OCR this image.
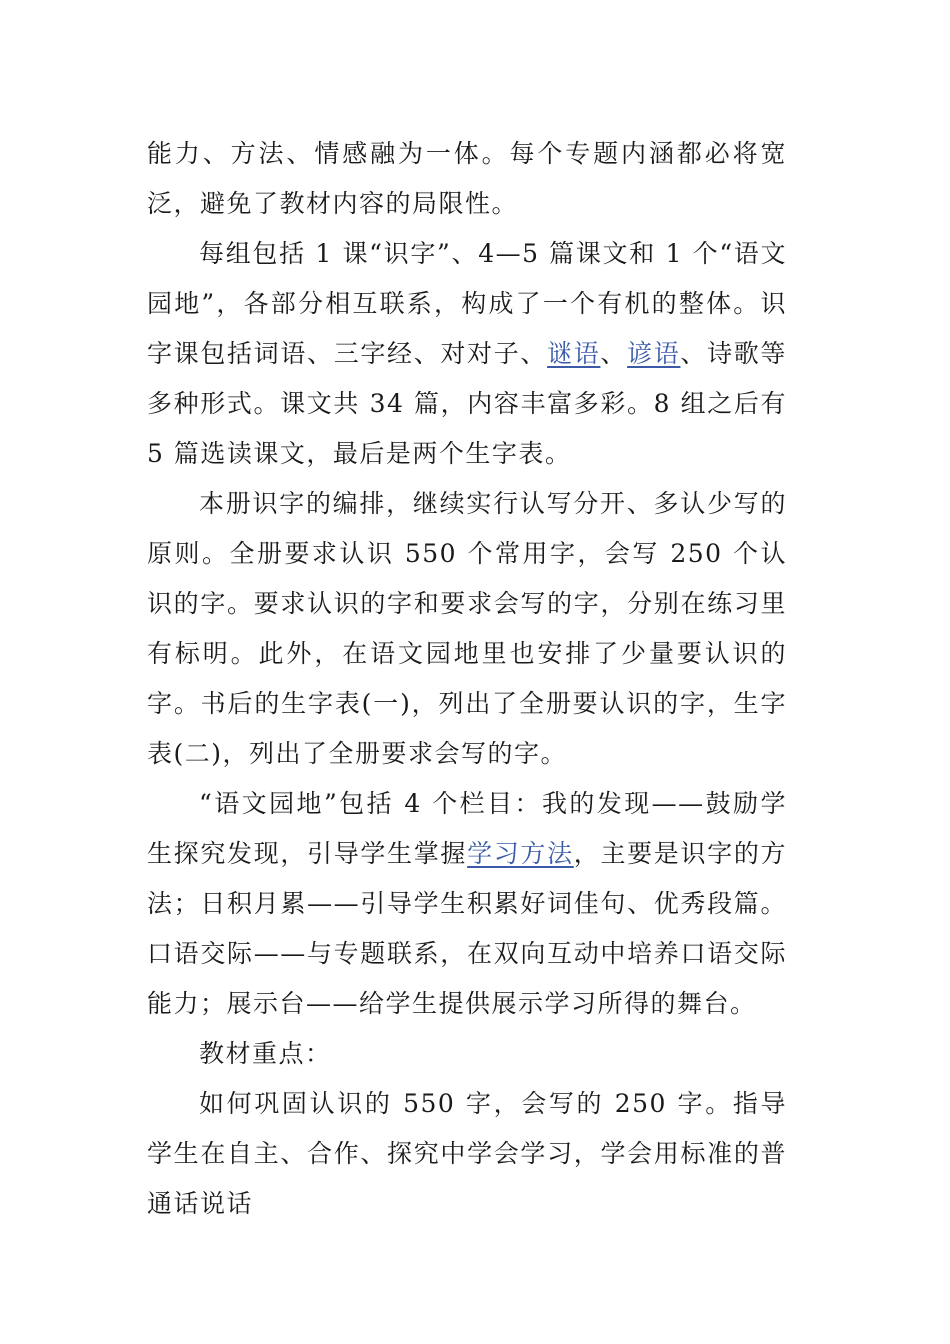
能力、方法、情感融为一体。每个专题内涵都必将宽泛，避免了教材内容的局限性。

每组包括 1 课“识字”、4—5 篇课文和 1 个“语文园地”，各部分相互联系，构成了一个有机的整体。识字课包括词语、三字经、对对子、谜语、谚语、诗歌等多种形式。课文共 34 篇，内容丰富多彩。8 组之后有 5 篇选读课文，最后是两个生字表。

本册识字的编排，继续实行认写分开、多认少写的原则。全册要求认识 550 个常用字，会写 250 个认识的字。要求认识的字和要求会写的字，分别在练习里有标明。此外，在语文园地里也安排了少量要认识的字。书后的生字表(一)，列出了全册要认识的字，生字表(二)，列出了全册要求会写的字。

“语文园地”包括 4 个栏目：我的发现——鼓励学生探究发现，引导学生掌握学习方法，主要是识字的方法；日积月累——引导学生积累好词佳句、优秀段篇。口语交际——与专题联系，在双向互动中培养口语交际能力；展示台——给学生提供展示学习所得的舞台。

教材重点：

如何巩固认识的 550 字，会写的 250 字。指导学生在自主、合作、探究中学会学习，学会用标准的普通话说话
